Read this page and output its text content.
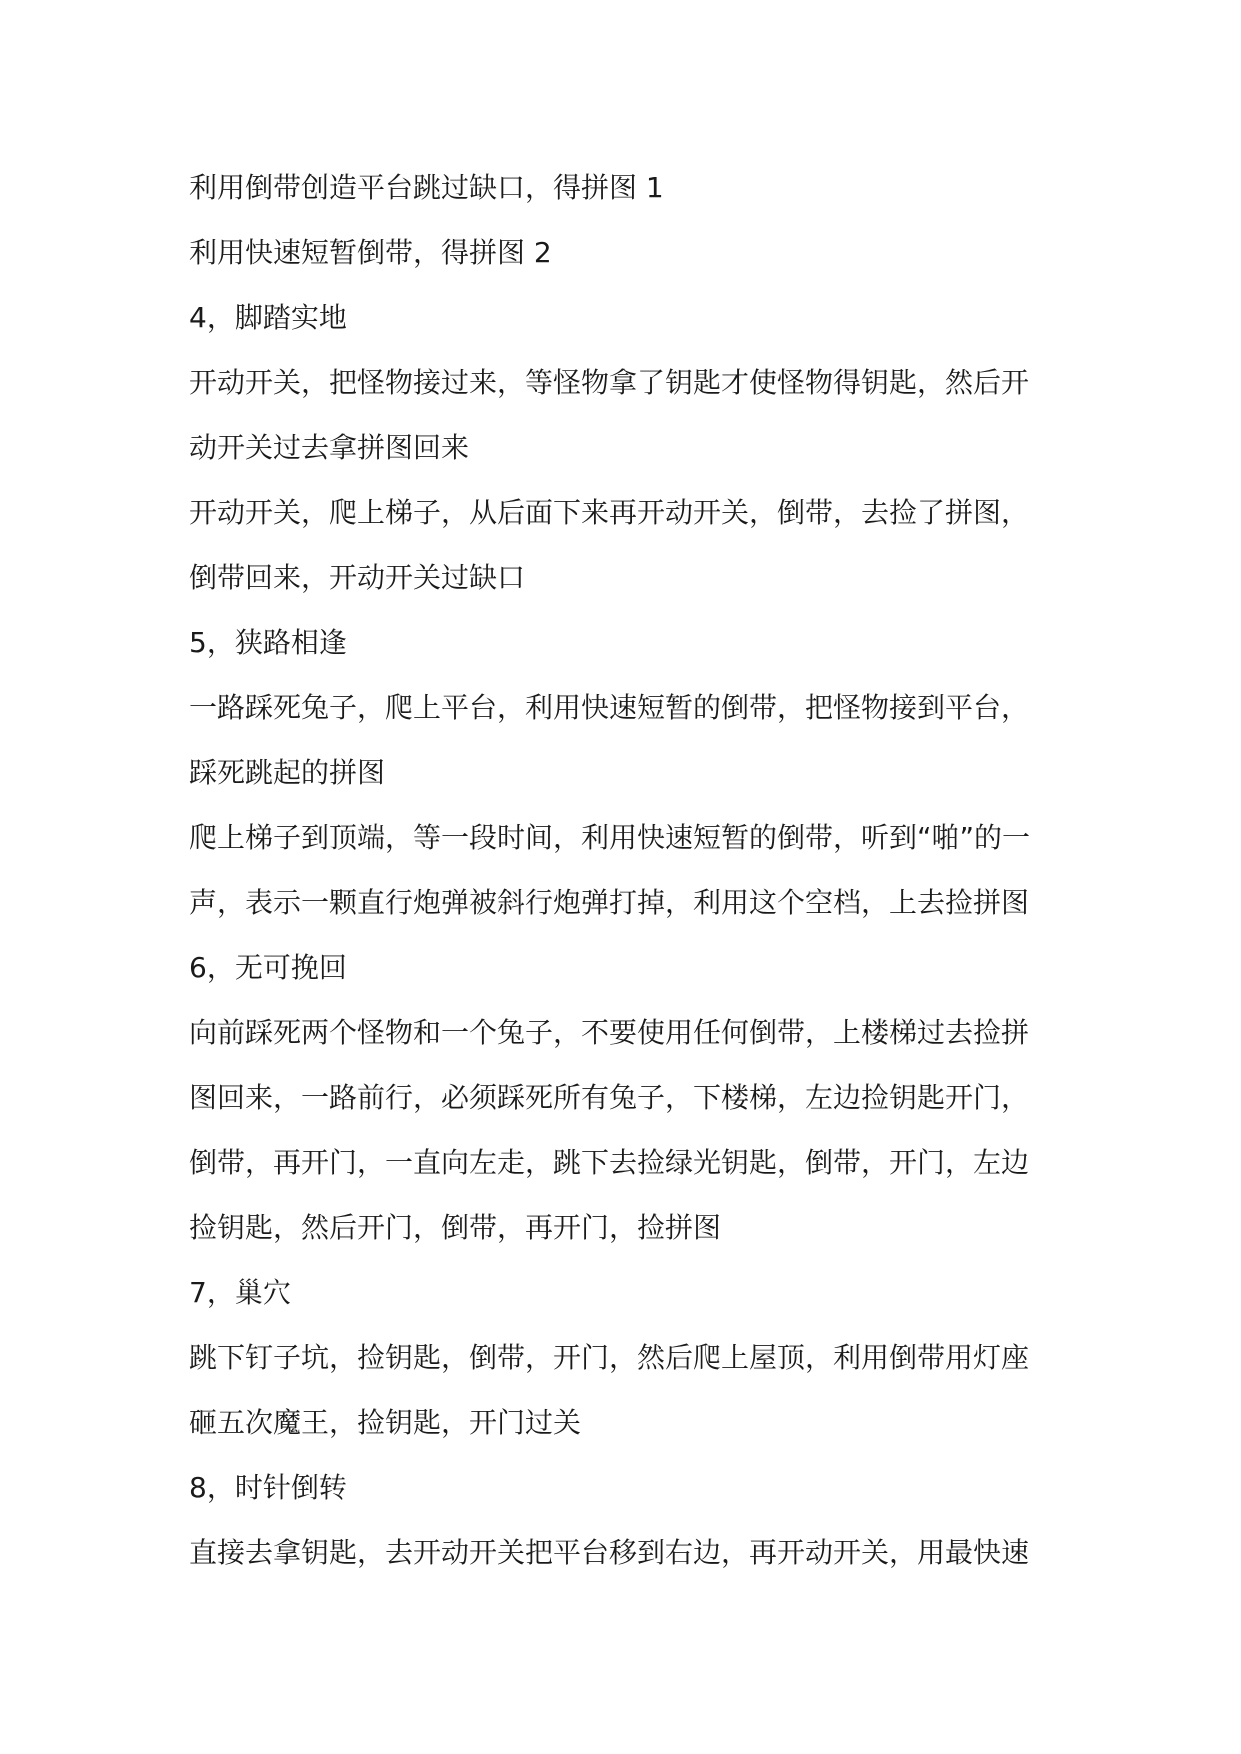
利用倒带创造平台跳过缺口，得拼图 1
利用快速短暂倒带，得拼图 2
4，脚踏实地
开动开关，把怪物接过来，等怪物拿了钥匙才使怪物得钥匙，然后开
动开关过去拿拼图回来
开动开关，爬上梯子，从后面下来再开动开关，倒带，去捡了拼图，
倒带回来，开动开关过缺口
5，狭路相逢
一路踩死兔子，爬上平台，利用快速短暂的倒带，把怪物接到平台，
踩死跳起的拼图
爬上梯子到顶端，等一段时间，利用快速短暂的倒带，听到“啪”的一
声，表示一颗直行炮弹被斜行炮弹打掉，利用这个空档，上去捡拼图
6，无可挽回
向前踩死两个怪物和一个兔子，不要使用任何倒带，上楼梯过去捡拼
图回来，一路前行，必须踩死所有兔子，下楼梯，左边捡钥匙开门，
倒带，再开门，一直向左走，跳下去捡绿光钥匙，倒带，开门，左边
捡钥匙，然后开门，倒带，再开门，捡拼图
7，巢穴
跳下钉子坑，捡钥匙，倒带，开门，然后爬上屋顶，利用倒带用灯座
砸五次魔王，捡钥匙，开门过关
8，时针倒转
直接去拿钥匙，去开动开关把平台移到右边，再开动开关，用最快速
